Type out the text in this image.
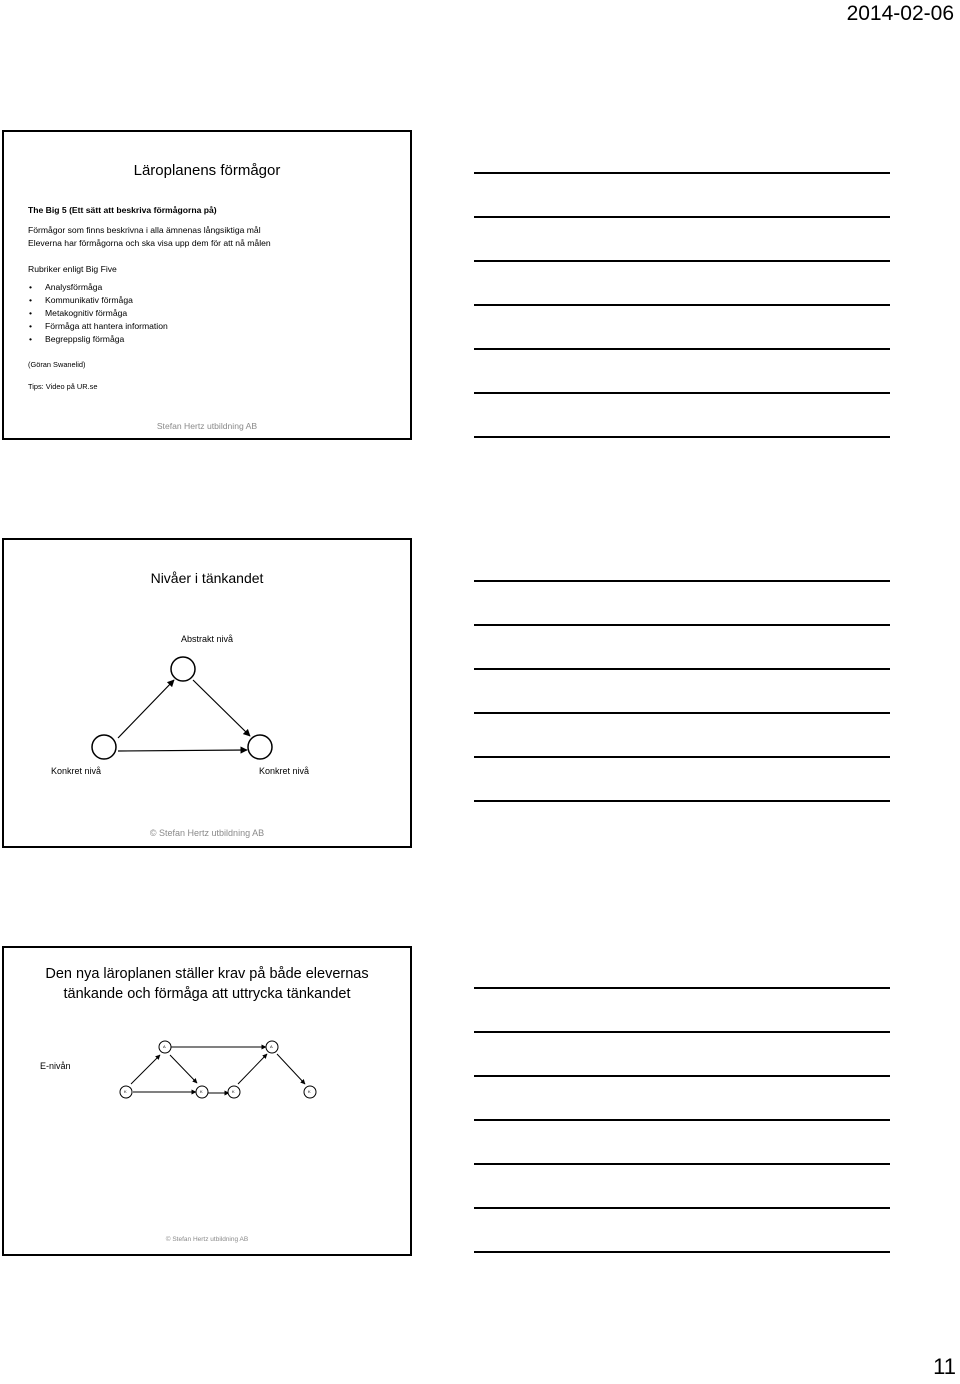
2014-02-06
Läroplanens förmågor
The Big 5 (Ett sätt att beskriva förmågorna på)
Förmågor som finns beskrivna i alla ämnenas långsiktiga mål
Eleverna har förmågorna och ska visa upp dem för att nå målen
Rubriker enligt Big Five
• Analysförmåga
• Kommunikativ förmåga
• Metakognitiv förmåga
• Förmåga att hantera information
• Begreppslig förmåga
(Göran Swanelid)
Tips: Video på UR.se
Stefan Hertz utbildning AB
Nivåer i tänkandet
Abstrakt nivå
Konkret nivå	Konkret nivå
© Stefan Hertz utbildning AB
Den nya läroplanen ställer krav på både elevernas
tänkande och förmåga att uttrycka tänkandet
E-nivån
A	A
K	K	K	K
© Stefan Hertz utbildning AB
11
